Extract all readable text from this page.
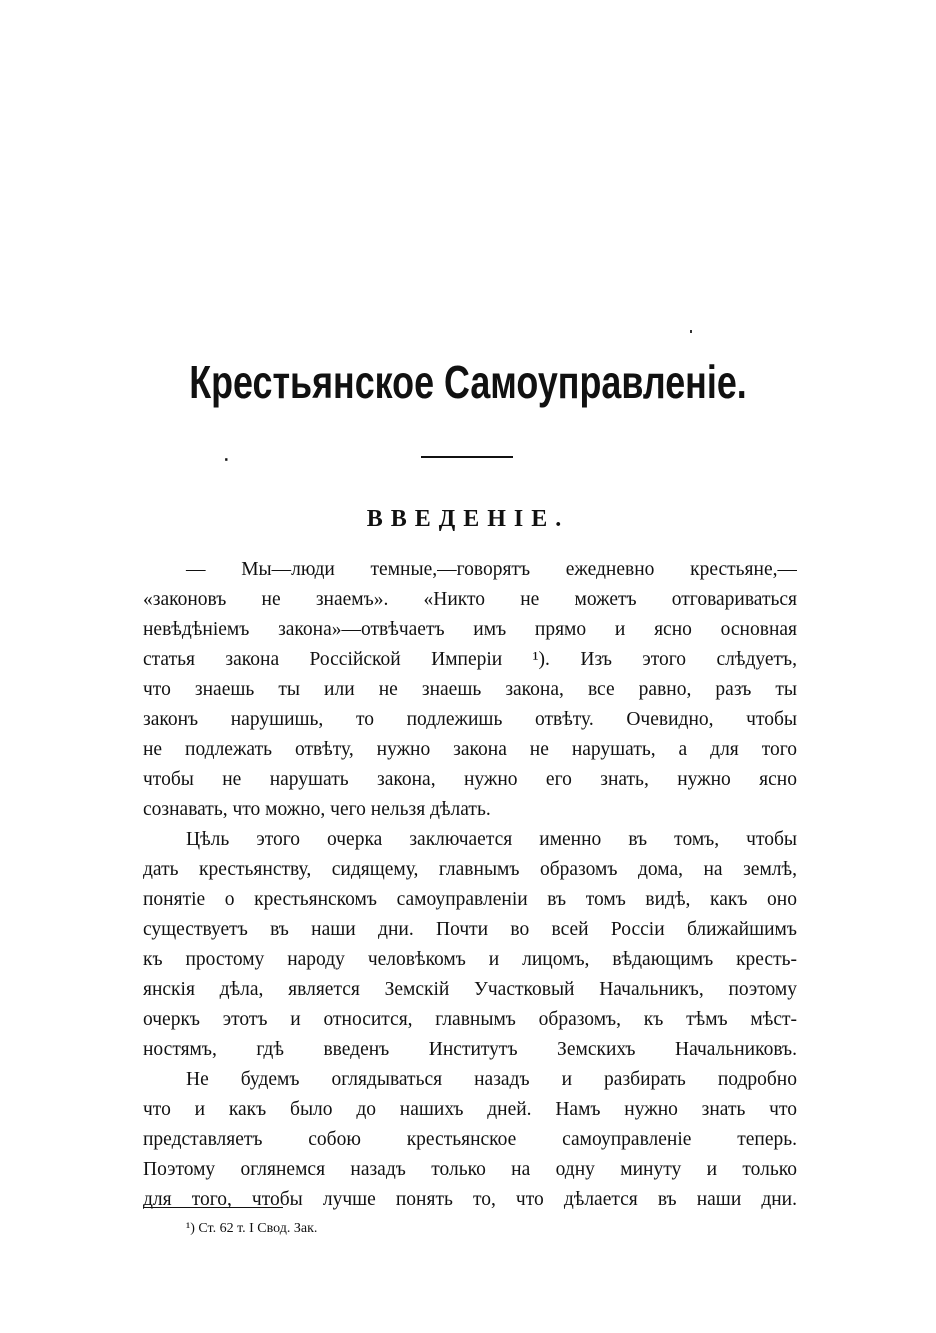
Крестьянское Самоуправленіе.
٠
ВВЕДЕНІЕ.
— Мы—люди темные,—говорятъ ежедневно крестьяне,—
«законовъ не знаемъ». «Никто не можетъ отговариваться
невѣдѣніемъ закона»—отвѣчаетъ имъ прямо и ясно основная
статья закона Россійской Имперіи ¹). Изъ этого слѣдуетъ,
что знаешь ты или не знаешь закона, все равно, разъ ты
законъ нарушишь, то подлежишь отвѣту. Очевидно, чтобы
не подлежать отвѣту, нужно закона не нарушать, а для того
чтобы не нарушать закона, нужно его знать, нужно ясно
сознавать, что можно, чего нельзя дѣлать.
Цѣль этого очерка заключается именно въ томъ, чтобы
дать крестьянству, сидящему, главнымъ образомъ дома, на землѣ,
понятіе о крестьянскомъ самоуправленіи въ томъ видѣ, какъ оно
существуетъ въ наши дни. Почти во всей Россіи ближайшимъ
къ простому народу человѣкомъ и лицомъ, вѣдающимъ кресть-
янскія дѣла, является Земскій Участковый Начальникъ, поэтому
очеркъ этотъ и относится, главнымъ образомъ, къ тѣмъ мѣст-
ностямъ, гдѣ введенъ Институтъ Земскихъ Начальниковъ.
Не будемъ оглядываться назадъ и разбирать подробно
что и какъ было до нашихъ дней. Намъ нужно знать что
представляетъ собою крестьянское самоуправленіе теперь.
Поэтому оглянемся назадъ только на одну минуту и только
для того, чтобы лучше понять то, что дѣлается въ наши дни.
¹) Ст. 62 т. I Свод. Зак.
